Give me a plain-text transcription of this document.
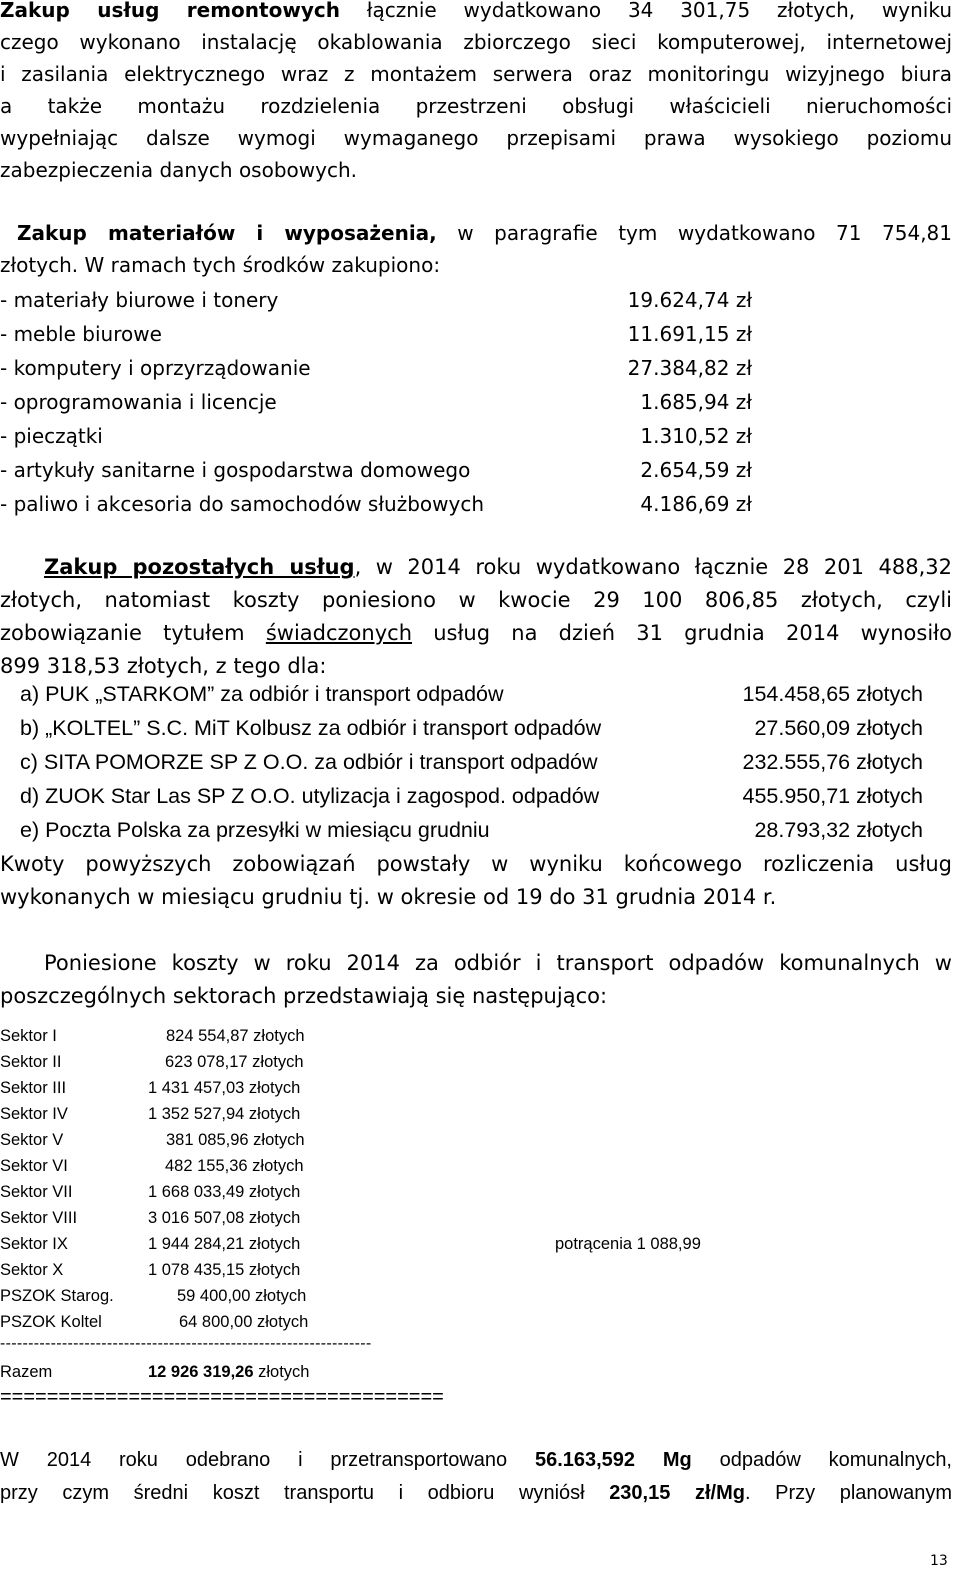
Zakup usług remontowych łącznie wydatkowano 34 301,75 złotych, wyniku

czego wykonano instalację okablowania zbiorczego sieci komputerowej, internetowej

i zasilania elektrycznego wraz z montażem serwera oraz monitoringu wizyjnego biura

a także montażu rozdzielenia przestrzeni obsługi właścicieli nieruchomości

wypełniając dalsze wymogi wymaganego przepisami prawa wysokiego poziomu

zabezpieczenia danych osobowych.

Zakup materiałów i wyposażenia, w paragrafie tym wydatkowano 71 754,81

złotych. W ramach tych środków zakupiono:

- materiały biurowe i tonery	19.624,74 zł
- meble biurowe	11.691,15 zł
- komputery i oprzyrządowanie	27.384,82 zł
- oprogramowania i licencje	1.685,94 zł
- pieczątki	1.310,52 zł
- artykuły sanitarne i gospodarstwa domowego	2.654,59 zł
- paliwo i akcesoria do samochodów służbowych	4.186,69 zł

Zakup pozostałych usług, w 2014 roku wydatkowano łącznie 28 201 488,32

złotych, natomiast koszty poniesiono w kwocie 29 100 806,85 złotych, czyli

zobowiązanie tytułem świadczonych usług na dzień 31 grudnia 2014 wynosiło

899 318,53 złotych, z tego dla:

a) PUK „STARKOM” za odbiór i transport odpadów	154.458,65 złotych
b) „KOLTEL” S.C. MiT Kolbusz za odbiór i transport odpadów	27.560,09 złotych
c) SITA POMORZE SP Z O.O. za odbiór i transport odpadów	232.555,76 złotych
d) ZUOK Star Las SP Z O.O. utylizacja i zagospod. odpadów	455.950,71 złotych
e) Poczta Polska za przesyłki w miesiącu grudniu	28.793,32 złotych

Kwoty powyższych zobowiązań powstały w wyniku końcowego rozliczenia usług

wykonanych w miesiącu grudniu tj. w okresie od 19 do 31 grudnia 2014 r.

Poniesione koszty w roku 2014 za odbiór i transport odpadów komunalnych w

poszczególnych sektorach przedstawiają się następująco:

Sektor I	824 554,87 złotych
Sektor II	623 078,17 złotych
Sektor III	1 431 457,03 złotych
Sektor IV	1 352 527,94 złotych
Sektor V	381 085,96 złotych
Sektor VI	482 155,36 złotych
Sektor VII	1 668 033,49 złotych
Sektor VIII	3 016 507,08 złotych
Sektor IX	1 944 284,21 złotych	potrącenia 1 088,99
Sektor X	1 078 435,15 złotych
PSZOK Starog.	59 400,00 złotych
PSZOK Koltel	64 800,00 złotych
------------------------------------------------------------------
Razem	12 926 319,26 złotych
======================================

W 2014 roku odebrano i przetransportowano 56.163,592 Mg odpadów komunalnych,

przy czym średni koszt transportu i odbioru wyniósł 230,15 zł/Mg. Przy planowanym

13
